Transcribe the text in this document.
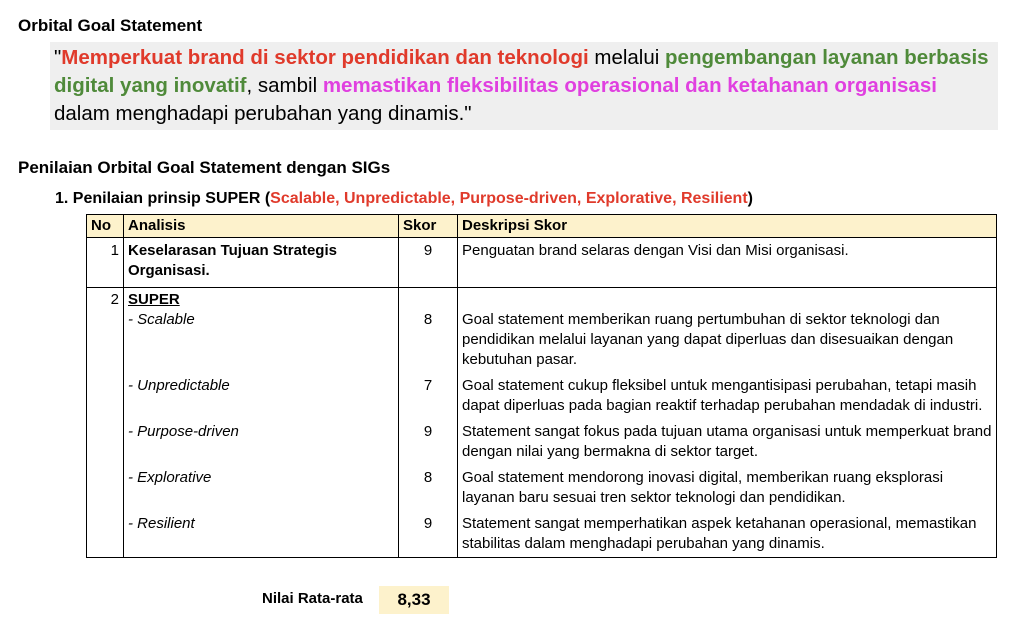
Orbital Goal Statement
"Memperkuat brand di sektor pendidikan dan teknologi melalui pengembangan layanan berbasis digital yang inovatif, sambil memastikan fleksibilitas operasional dan ketahanan organisasi dalam menghadapi perubahan yang dinamis."
Penilaian Orbital Goal Statement dengan SIGs
1. Penilaian prinsip SUPER (Scalable, Unpredictable, Purpose-driven, Explorative, Resilient)
No	Analisis	Skor	Deskripsi Skor
1	Keselarasan Tujuan Strategis Organisasi.	9	Penguatan brand selaras dengan Visi dan Misi organisasi.
2	SUPER		
	- Scalable	8	Goal statement memberikan ruang pertumbuhan di sektor teknologi dan pendidikan melalui layanan yang dapat diperluas dan disesuaikan dengan kebutuhan pasar.
	- Unpredictable	7	Goal statement cukup fleksibel untuk mengantisipasi perubahan, tetapi masih dapat diperluas pada bagian reaktif terhadap perubahan mendadak di industri.
	- Purpose-driven	9	Statement sangat fokus pada tujuan utama organisasi untuk memperkuat brand dengan nilai yang bermakna di sektor target.
	- Explorative	8	Goal statement mendorong inovasi digital, memberikan ruang eksplorasi layanan baru sesuai tren sektor teknologi dan pendidikan.
	- Resilient	9	Statement sangat memperhatikan aspek ketahanan operasional, memastikan stabilitas dalam menghadapi perubahan yang dinamis.
Nilai Rata-rata	8,33
